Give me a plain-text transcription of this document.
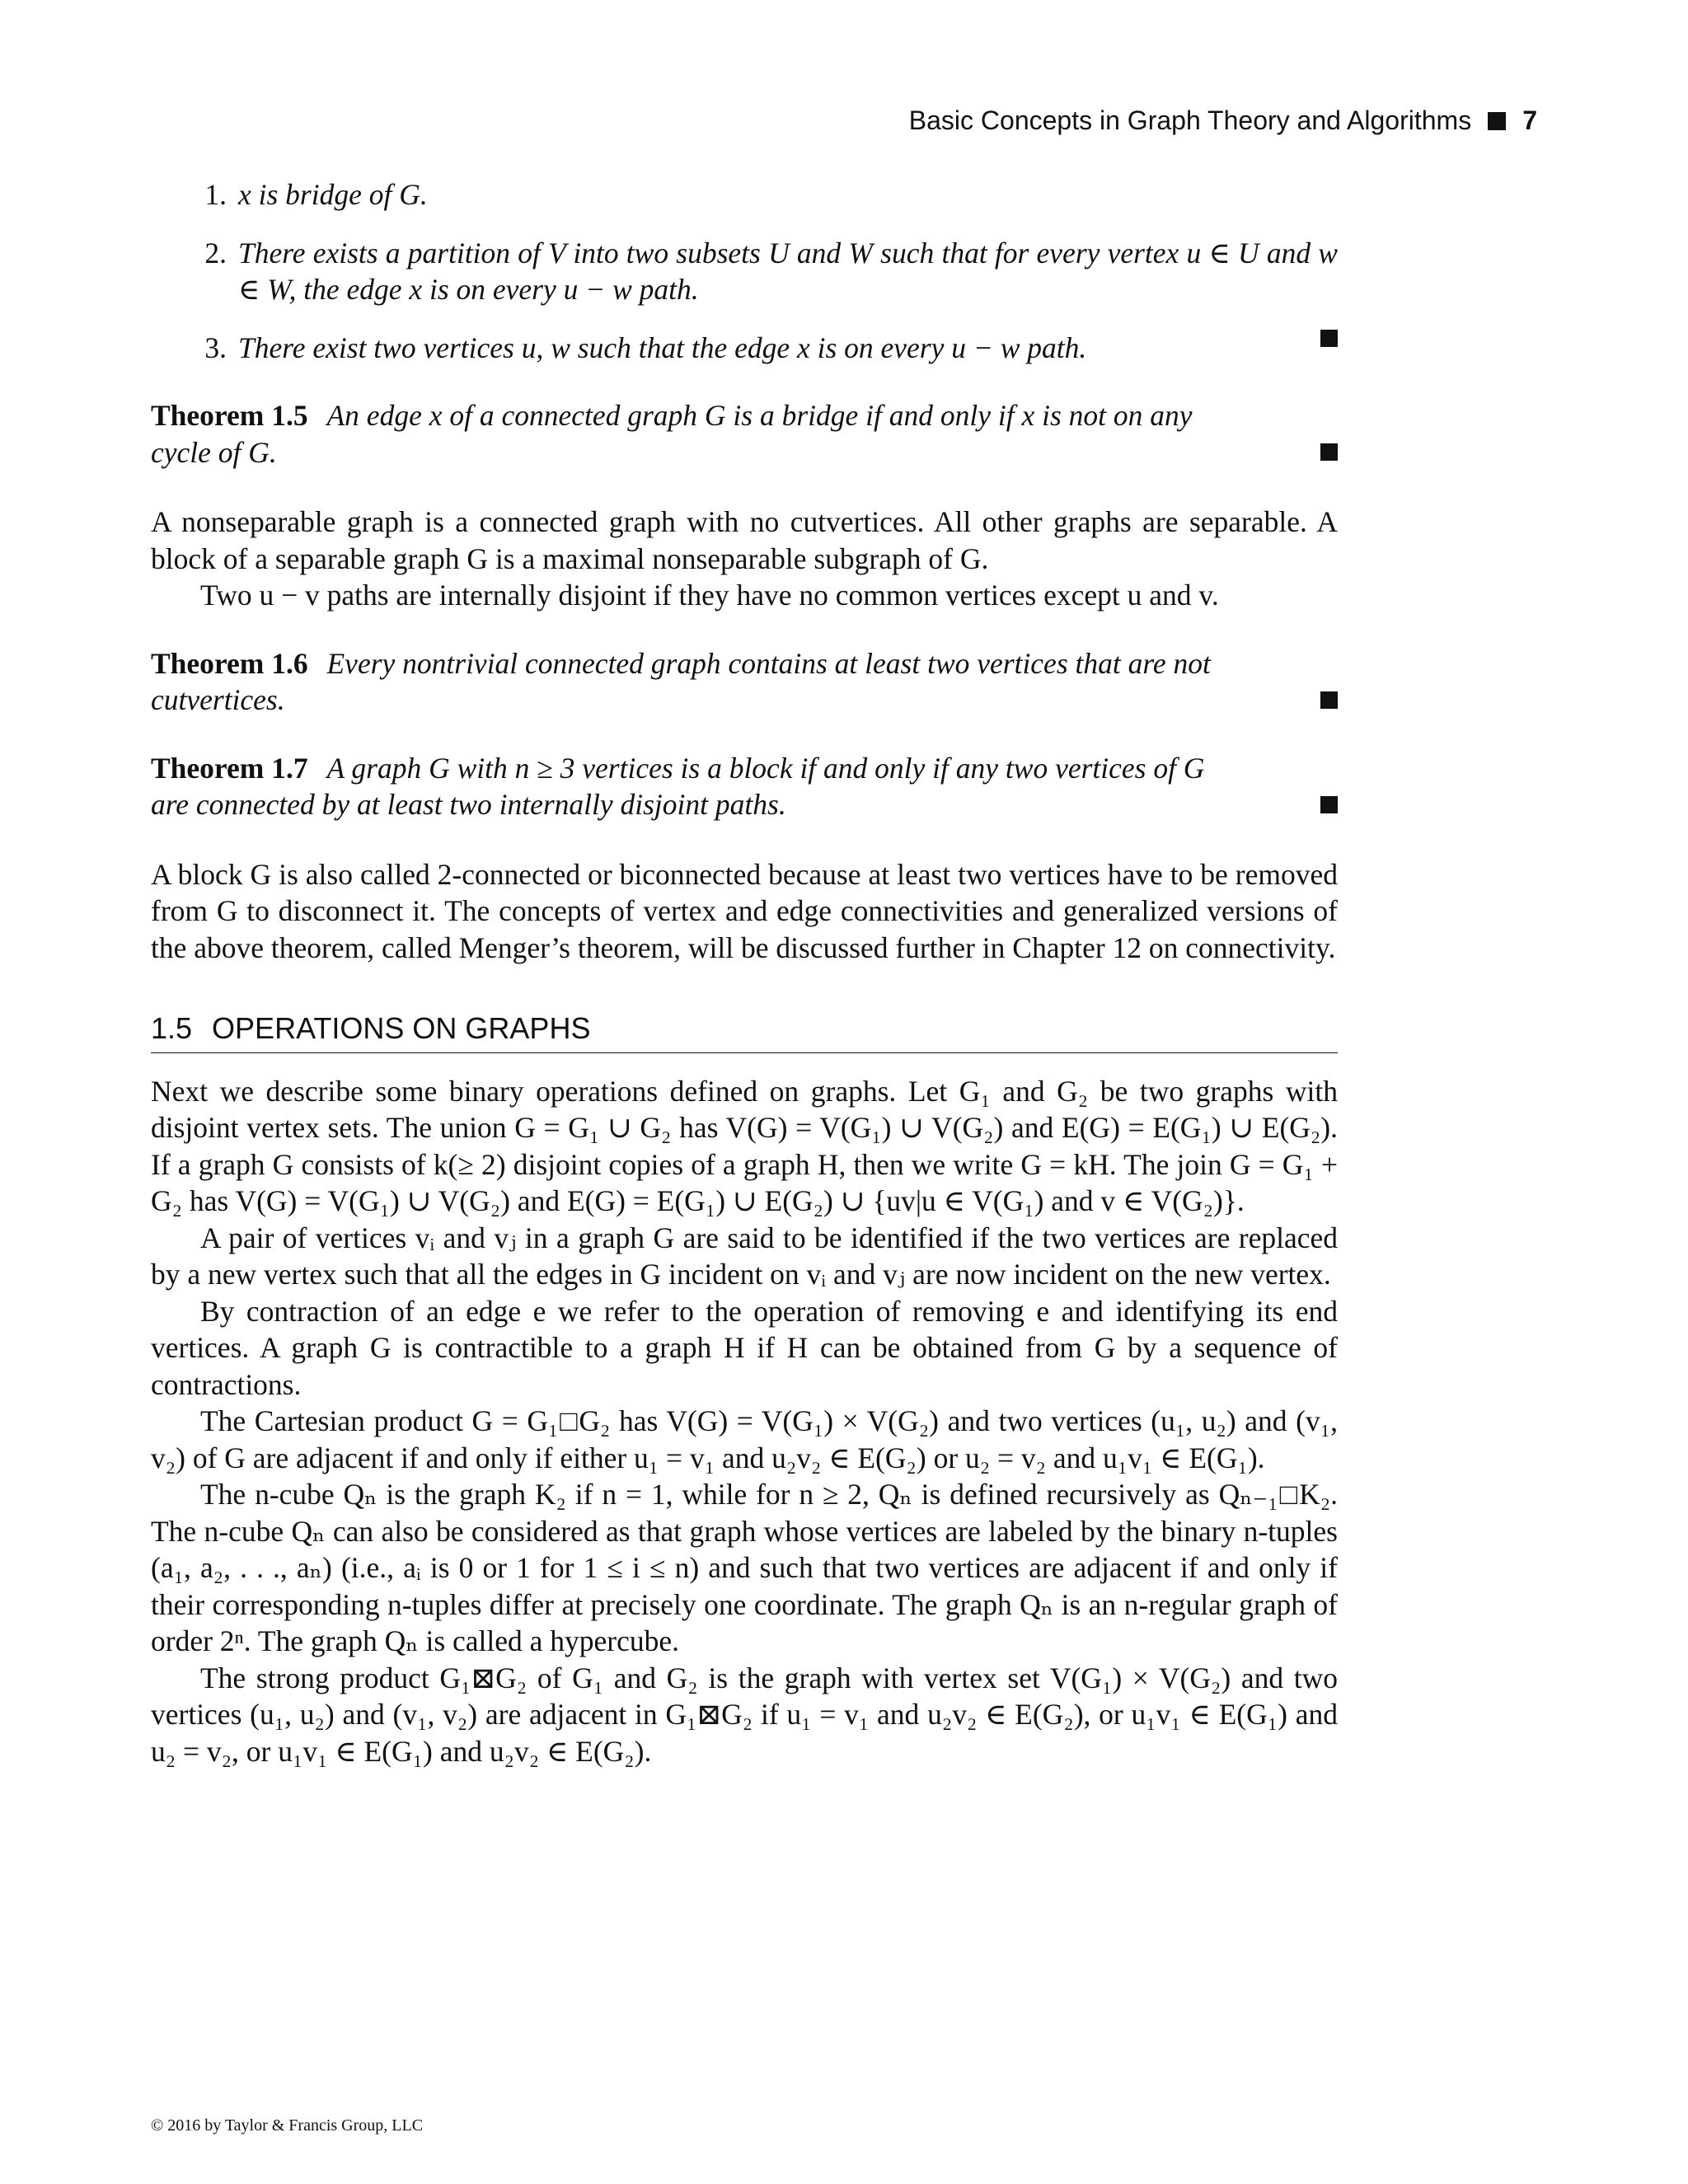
Basic Concepts in Graph Theory and Algorithms 7
1. x is bridge of G.
2. There exists a partition of V into two subsets U and W such that for every vertex u ∈ U and w ∈ W, the edge x is on every u − w path.
3. There exist two vertices u, w such that the edge x is on every u − w path.
Theorem 1.5 An edge x of a connected graph G is a bridge if and only if x is not on any
cycle of G.

A nonseparable graph is a connected graph with no cutvertices. All other graphs are separable. A block of a separable graph G is a maximal nonseparable subgraph of G.

Two u − v paths are internally disjoint if they have no common vertices except u and v.

Theorem 1.6 Every nontrivial connected graph contains at least two vertices that are not
cutvertices.
Theorem 1.7 A graph G with n ≥ 3 vertices is a block if and only if any two vertices of G
are connected by at least two internally disjoint paths.

A block G is also called 2-connected or biconnected because at least two vertices have to be removed from G to disconnect it. The concepts of vertex and edge connectivities and generalized versions of the above theorem, called Menger’s theorem, will be discussed further in Chapter 12 on connectivity.

1.5 OPERATIONS ON GRAPHS

Next we describe some binary operations defined on graphs. Let G₁ and G₂ be two graphs with disjoint vertex sets. The union G = G₁ ∪ G₂ has V(G) = V(G₁) ∪ V(G₂) and E(G) = E(G₁) ∪ E(G₂). If a graph G consists of k(≥ 2) disjoint copies of a graph H, then we write G = kH. The join G = G₁ + G₂ has V(G) = V(G₁) ∪ V(G₂) and E(G) = E(G₁) ∪ E(G₂) ∪ {uv|u ∈ V(G₁) and v ∈ V(G₂)}.

A pair of vertices vᵢ and vⱼ in a graph G are said to be identified if the two vertices are replaced by a new vertex such that all the edges in G incident on vᵢ and vⱼ are now incident on the new vertex.

By contraction of an edge e we refer to the operation of removing e and identifying its end vertices. A graph G is contractible to a graph H if H can be obtained from G by a sequence of contractions.

The Cartesian product G = G₁□G₂ has V(G) = V(G₁) × V(G₂) and two vertices (u₁, u₂) and (v₁, v₂) of G are adjacent if and only if either u₁ = v₁ and u₂v₂ ∈ E(G₂) or u₂ = v₂ and u₁v₁ ∈ E(G₁).

The n-cube Qₙ is the graph K₂ if n = 1, while for n ≥ 2, Qₙ is defined recursively as Qₙ₋₁□K₂. The n-cube Qₙ can also be considered as that graph whose vertices are labeled by the binary n-tuples (a₁, a₂, . . ., aₙ) (i.e., aᵢ is 0 or 1 for 1 ≤ i ≤ n) and such that two vertices are adjacent if and only if their corresponding n-tuples differ at precisely one coordinate. The graph Qₙ is an n-regular graph of order 2ⁿ. The graph Qₙ is called a hypercube.

The strong product G₁⊠G₂ of G₁ and G₂ is the graph with vertex set V(G₁) × V(G₂) and two vertices (u₁, u₂) and (v₁, v₂) are adjacent in G₁⊠G₂ if u₁ = v₁ and u₂v₂ ∈ E(G₂), or u₁v₁ ∈ E(G₁) and u₂ = v₂, or u₁v₁ ∈ E(G₁) and u₂v₂ ∈ E(G₂).

© 2016 by Taylor & Francis Group, LLC
